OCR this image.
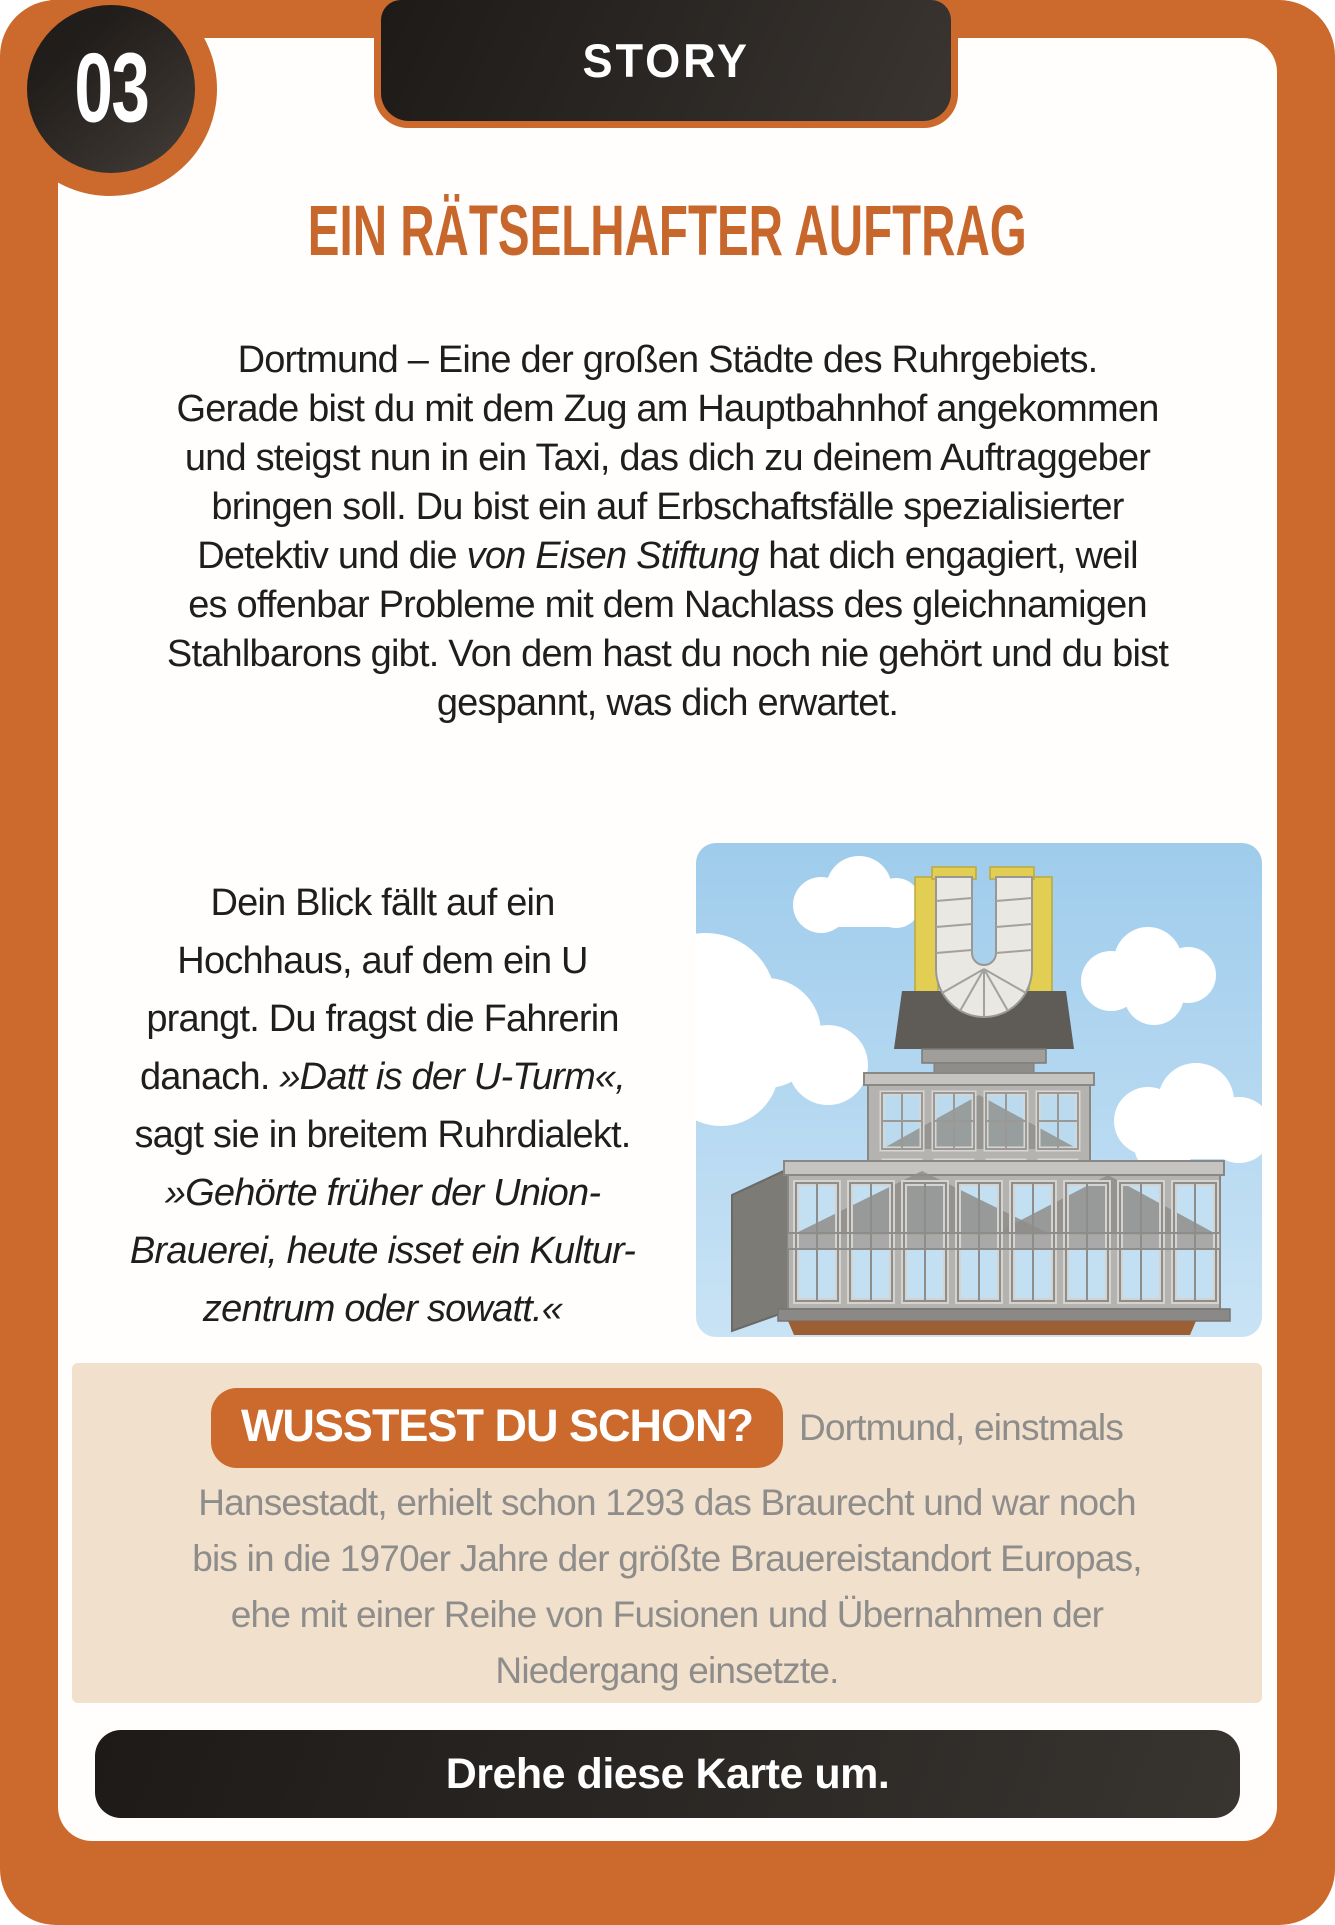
03	STORY
EIN RÄTSELHAFTER AUFTRAG
Dortmund – Eine der großen Städte des Ruhrgebiets.
Gerade bist du mit dem Zug am Hauptbahnhof angekommen
und steigst nun in ein Taxi, das dich zu deinem Auftraggeber
bringen soll. Du bist ein auf Erbschaftsfälle spezialisierter
Detektiv und die von Eisen Stiftung hat dich engagiert, weil
es offenbar Probleme mit dem Nachlass des gleichnamigen
Stahlbarons gibt. Von dem hast du noch nie gehört und du bist
gespannt, was dich erwartet.
Dein Blick fällt auf ein
Hochhaus, auf dem ein U
prangt. Du fragst die Fahrerin
danach. »Datt is der U-Turm«,
sagt sie in breitem Ruhrdialekt.
»Gehörte früher der Union-
Brauerei, heute isset ein Kultur-
zentrum oder sowatt.«
WUSSTEST DU SCHON?	Dortmund, einstmals
Hansestadt, erhielt schon 1293 das Braurecht und war noch
bis in die 1970er Jahre der größte Brauereistandort Europas,
ehe mit einer Reihe von Fusionen und Übernahmen der
Niedergang einsetzte.
Drehe diese Karte um.
